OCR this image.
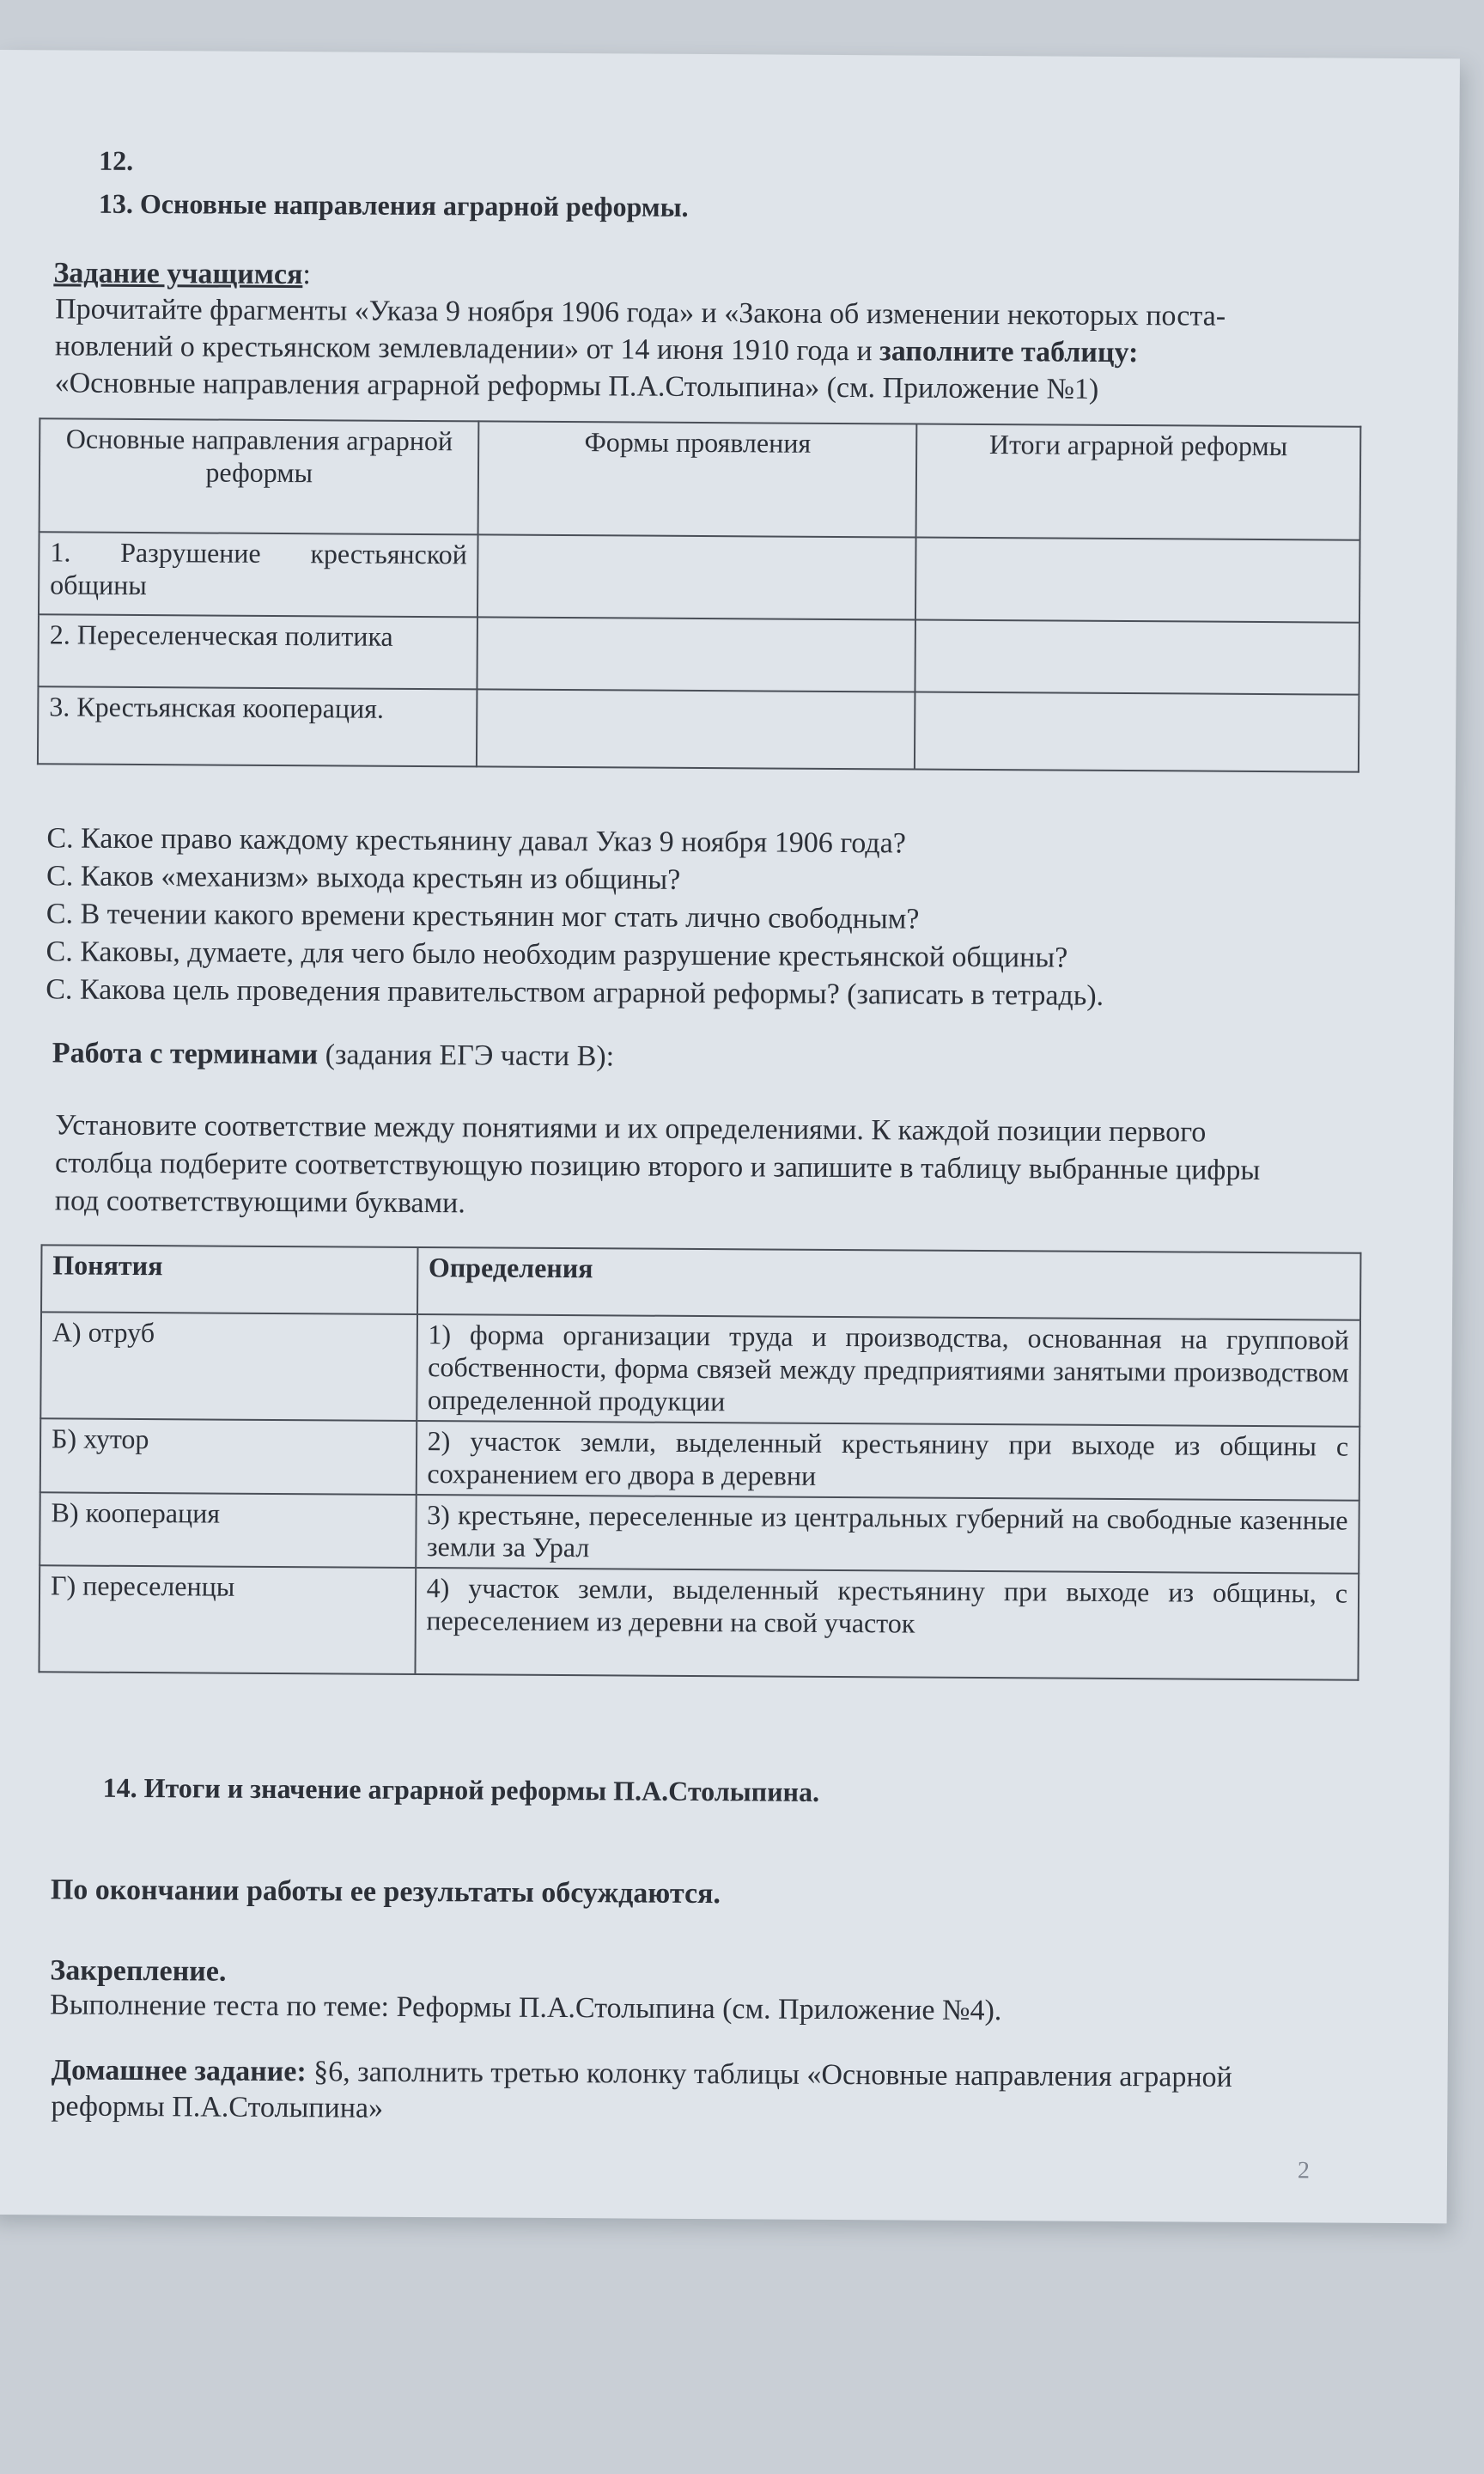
12.
13. Основные направления аграрной реформы.
Задание учащимся:
Прочитайте фрагменты «Указа 9 ноября 1906 года» и «Закона об изменении некоторых поста-
новлений о крестьянском землевладении» от 14 июня 1910 года и заполните таблицу:
«Основные направления аграрной реформы П.А.Столыпина» (см. Приложение №1)
Основные направления аграрной реформы	Формы проявления	Итоги аграрной реформы
1. Разрушение крестьянской общины		
2. Переселенческая политика		
3. Крестьянская кооперация.		
С. Какое право каждому крестьянину давал Указ 9 ноября 1906 года?
С. Каков «механизм» выхода крестьян из общины?
С. В течении какого времени крестьянин мог стать лично свободным?
С. Каковы, думаете, для чего было необходим разрушение крестьянской общины?
С. Какова цель проведения правительством аграрной реформы? (записать в тетрадь).
Работа с терминами (задания ЕГЭ части В):
Установите соответствие между понятиями и их определениями. К каждой позиции первого
столбца подберите соответствующую позицию второго и запишите в таблицу выбранные цифры
под соответствующими буквами.
Понятия	Определения
А) отруб	1) форма организации труда и производства, основанная на групповой собственности, форма связей между предприятиями занятыми производством определенной продукции
Б) хутор	2) участок земли, выделенный крестьянину при выходе из общины с сохранением его двора в деревни
В) кооперация	3) крестьяне, переселенные из центральных губерний на свободные казенные земли за Урал
Г) переселенцы	4) участок земли, выделенный крестьянину при выходе из общины, с переселением из деревни на свой участок
14. Итоги и значение аграрной реформы П.А.Столыпина.
По окончании работы ее результаты обсуждаются.
Закрепление.
Выполнение теста по теме: Реформы П.А.Столыпина (см. Приложение №4).
Домашнее задание: §6, заполнить третью колонку таблицы «Основные направления аграрной
реформы П.А.Столыпина»
2
